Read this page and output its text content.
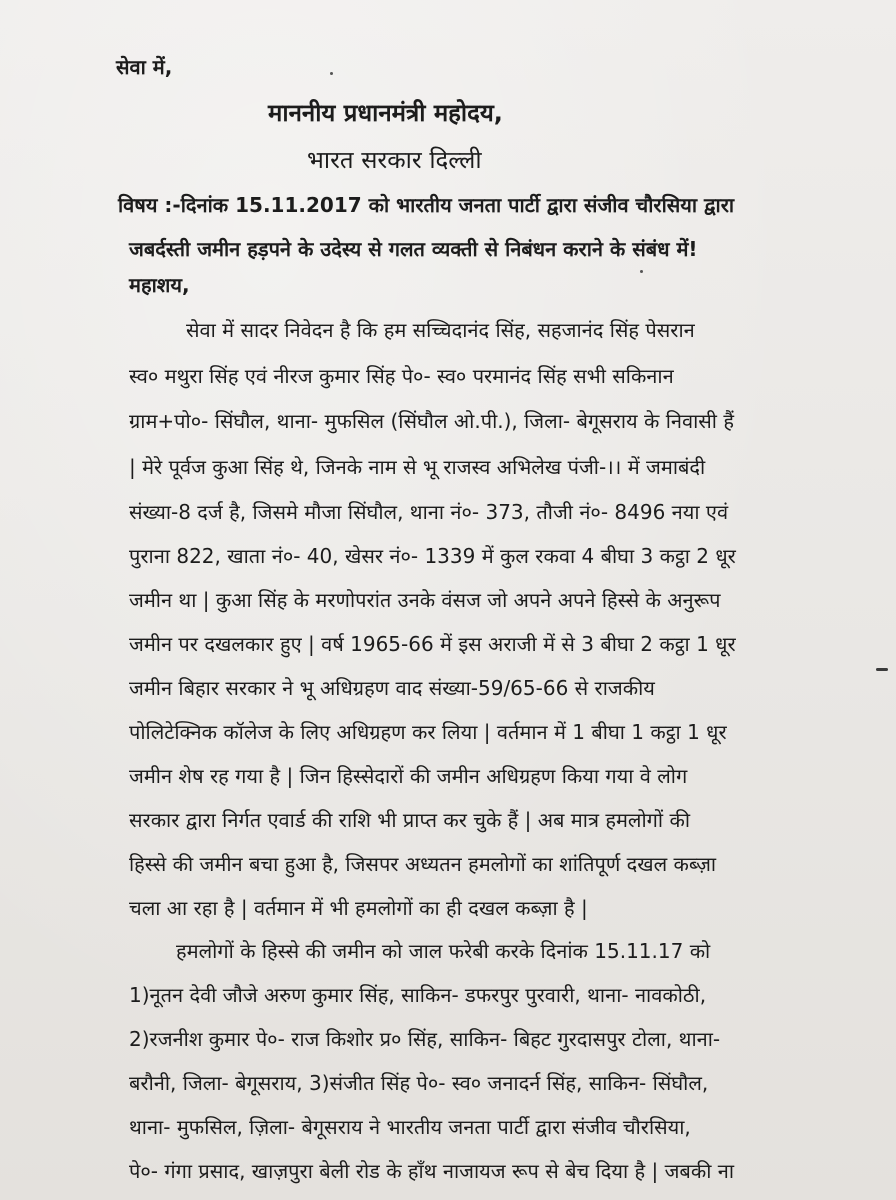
सेवा में,
माननीय प्रधानमंत्री महोदय,
भारत सरकार दिल्ली
विषय :-दिनांक 15.11.2017 को भारतीय जनता पार्टी द्वारा संजीव चौरसिया द्वारा
जबर्दस्ती जमीन हड़पने के उदेस्य से गलत व्यक्ती से निबंधन कराने के संबंध में!
महाशय,
सेवा में सादर निवेदन है कि हम सच्चिदानंद सिंह, सहजानंद सिंह पेसरान
स्व० मथुरा सिंह एवं नीरज कुमार सिंह पे०- स्व० परमानंद सिंह सभी सकिनान
ग्राम+पो०- सिंघौल, थाना- मुफसिल (सिंघौल ओ.पी.), जिला- बेगूसराय के निवासी हैं
| मेरे पूर्वज कुआ सिंह थे, जिनके नाम से भू राजस्व अभिलेख पंजी-।। में जमाबंदी
संख्या-8 दर्ज है, जिसमे मौजा सिंघौल, थाना नं०- 373, तौजी नं०- 8496 नया एवं
पुराना 822, खाता नं०- 40, खेसर नं०- 1339 में कुल रकवा 4 बीघा 3 कट्ठा 2 धूर
जमीन था | कुआ सिंह के मरणोपरांत उनके वंसज जो अपने अपने हिस्से के अनुरूप
जमीन पर दखलकार हुए | वर्ष 1965-66 में इस अराजी में से 3 बीघा 2 कट्ठा 1 धूर
जमीन बिहार सरकार ने भू अधिग्रहण वाद संख्या-59/65-66 से राजकीय
पोलिटेक्निक कॉलेज के लिए अधिग्रहण कर लिया | वर्तमान में 1 बीघा 1 कट्ठा 1 धूर
जमीन शेष रह गया है | जिन हिस्सेदारों की जमीन अधिग्रहण किया गया वे लोग
सरकार द्वारा निर्गत एवार्ड की राशि भी प्राप्त कर चुके हैं | अब मात्र हमलोगों की
हिस्से की जमीन बचा हुआ है, जिसपर अध्यतन हमलोगों का शांतिपूर्ण दखल कब्ज़ा
चला आ रहा है | वर्तमान में भी हमलोगों का ही दखल कब्ज़ा है |
हमलोगों के हिस्से की जमीन को जाल फरेबी करके दिनांक 15.11.17 को
1)नूतन देवी जौजे अरुण कुमार सिंह, साकिन- डफरपुर पुरवारी, थाना- नावकोठी,
2)रजनीश कुमार पे०- राज किशोर प्र० सिंह, साकिन- बिहट गुरदासपुर टोला, थाना-
बरौनी, जिला- बेगूसराय, 3)संजीत सिंह पे०- स्व० जनादर्न सिंह, साकिन- सिंघौल,
थाना- मुफसिल, ज़िला- बेगूसराय ने भारतीय जनता पार्टी द्वारा संजीव चौरसिया,
पे०- गंगा प्रसाद, खाज़पुरा बेली रोड के हाँथ नाजायज रूप से बेच दिया है | जबकी ना
